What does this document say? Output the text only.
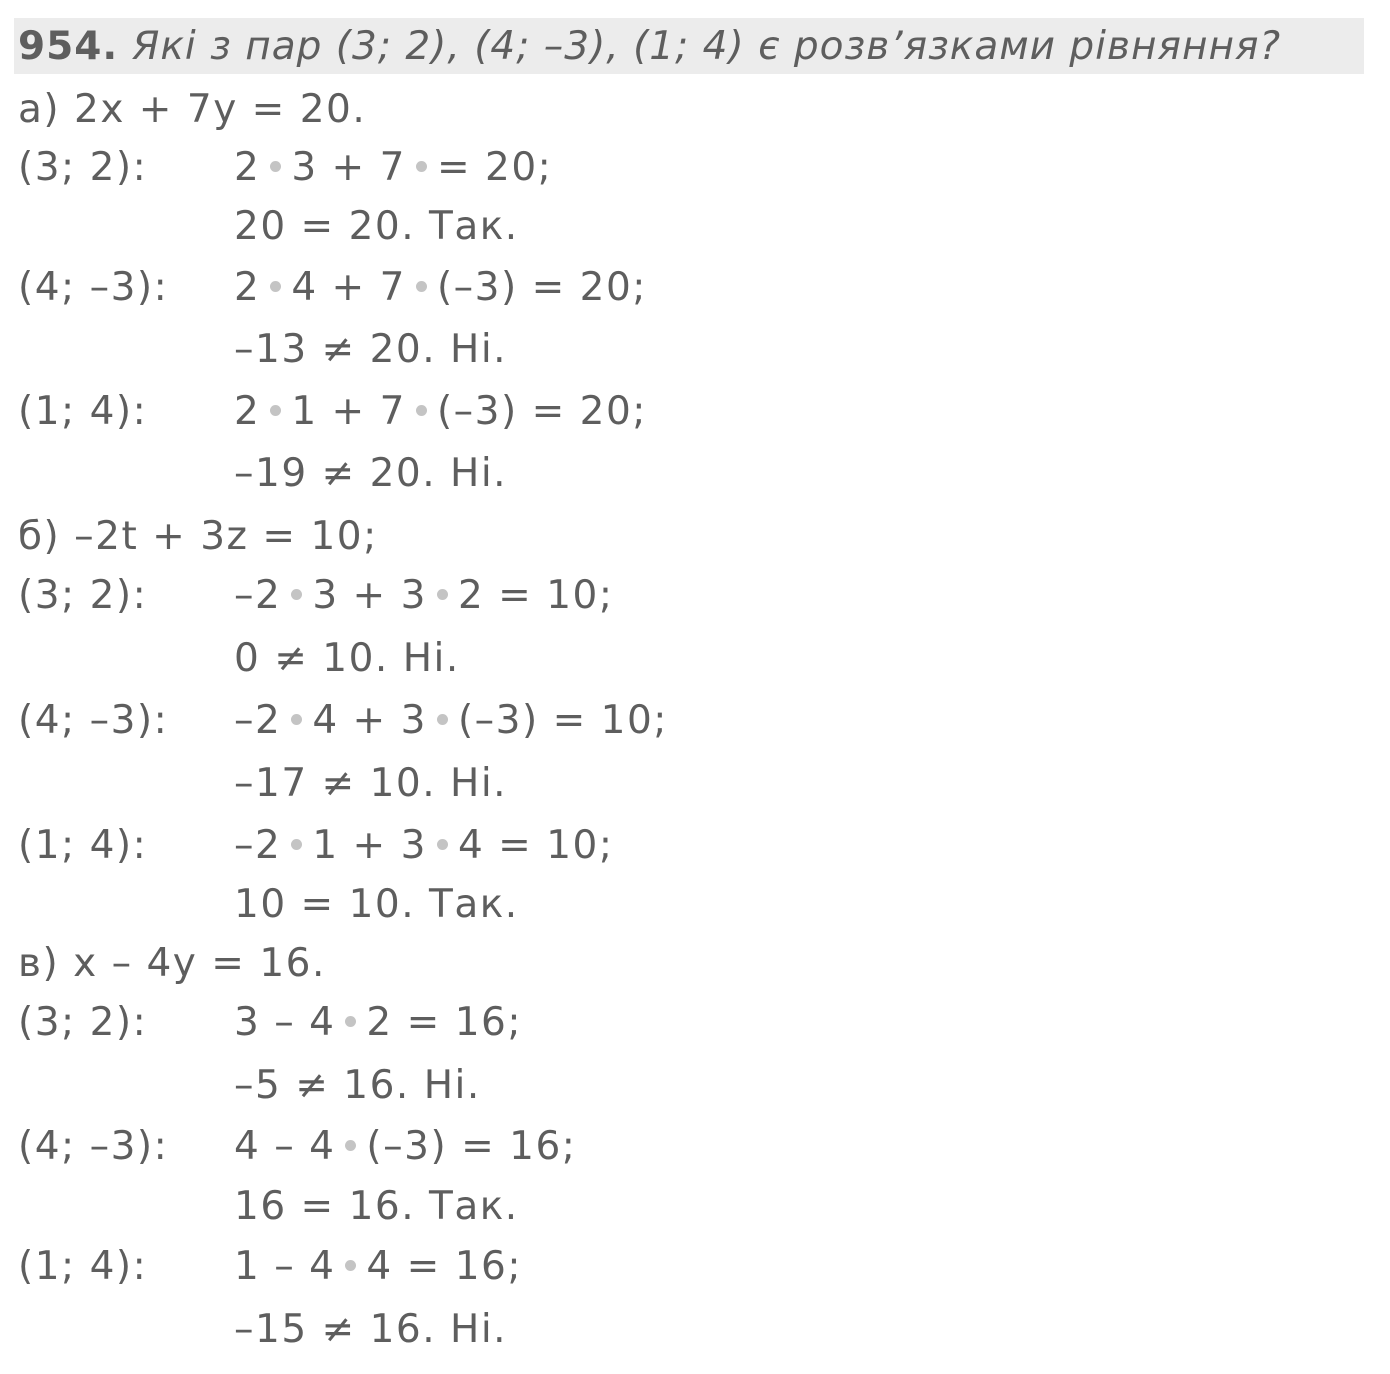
954. Які з пар (3; 2), (4; –3), (1; 4) є розв’язками рівняння?
а) 2x + 7y = 20.
(3; 2): 2 3 + 7 = 20;
20 = 20. Так.
(4; –3): 2 4 + 7 (–3) = 20;
–13 ≠ 20. Ні.
(1; 4): 2 1 + 7 (–3) = 20;
–19 ≠ 20. Ні.
б) –2t + 3z = 10;
(3; 2): –2 3 + 3 2 = 10;
0 ≠ 10. Ні.
(4; –3): –2 4 + 3 (–3) = 10;
–17 ≠ 10. Ні.
(1; 4): –2 1 + 3 4 = 10;
10 = 10. Так.
в) x – 4y = 16.
(3; 2): 3 – 4 2 = 16;
–5 ≠ 16. Ні.
(4; –3): 4 – 4 (–3) = 16;
16 = 16. Так.
(1; 4): 1 – 4 4 = 16;
–15 ≠ 16. Ні.
